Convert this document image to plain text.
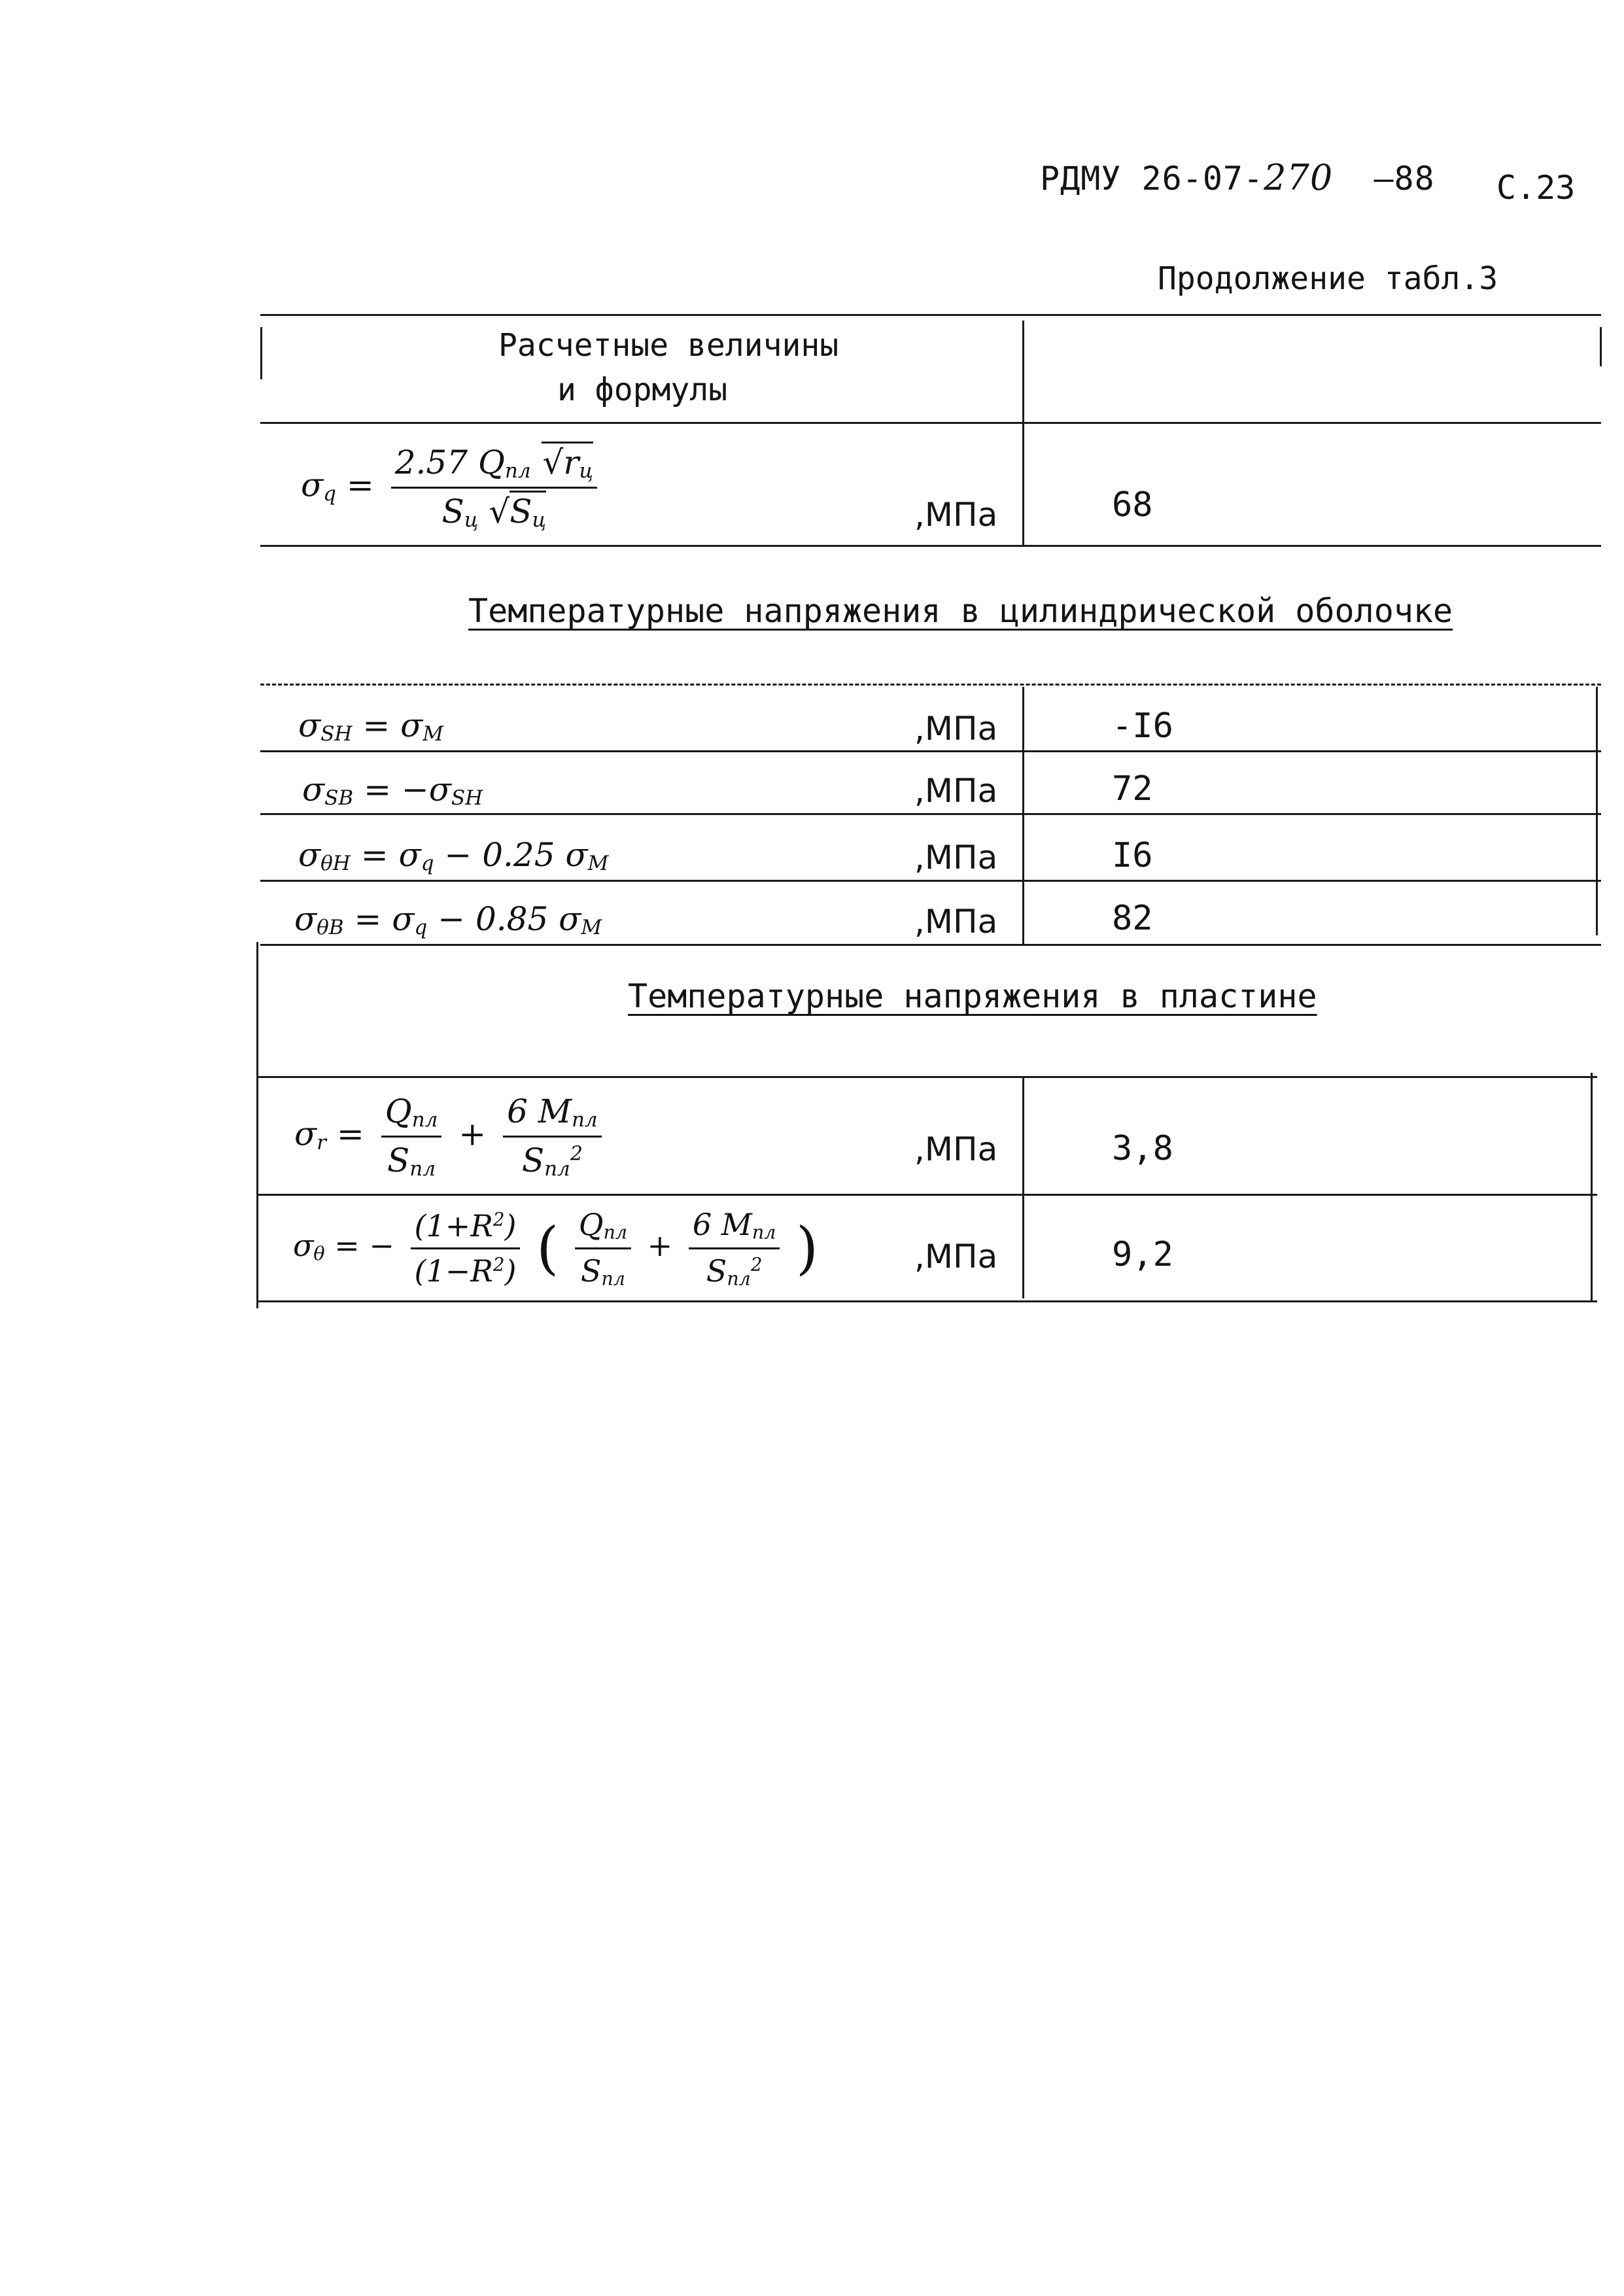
РДМУ 26-07-270 –88 С.23
Продолжение табл.3
Расчетные величины
и формулы
$\sigma_q = \frac{2.57 Q_{пл} √r_ц}{S_ц √S_ц}$	,МПа	68
Температурные напряжения в цилиндрической оболочке
$\sigma_{SH} = \sigma_M$	,МПа	-I6
$\sigma_{SB} = -\sigma_{SH}$	,МПа	72
$\sigma_{\theta H} = \sigma_q - 0.25$ $\sigma_M$	,МПа	I6
$\sigma_{\theta B} = \sigma_q - 0.85$ $\sigma_M$	,МПа	82
Температурные напряжения в пластине
$\sigma_r = \frac{Q_{пл}}{S_{пл}} + \frac{6 M_{пл}}{S_{пл}^2}$	,МПа	3,8
$\sigma_\theta$ = − $\frac{(1+R^2)}{(1-R^2)}$ ( $\frac{Q_{пл}}{S_{пл}} + \frac{6 M_{пл}}{S_{пл}^2}$ )	,МПа	9,2
